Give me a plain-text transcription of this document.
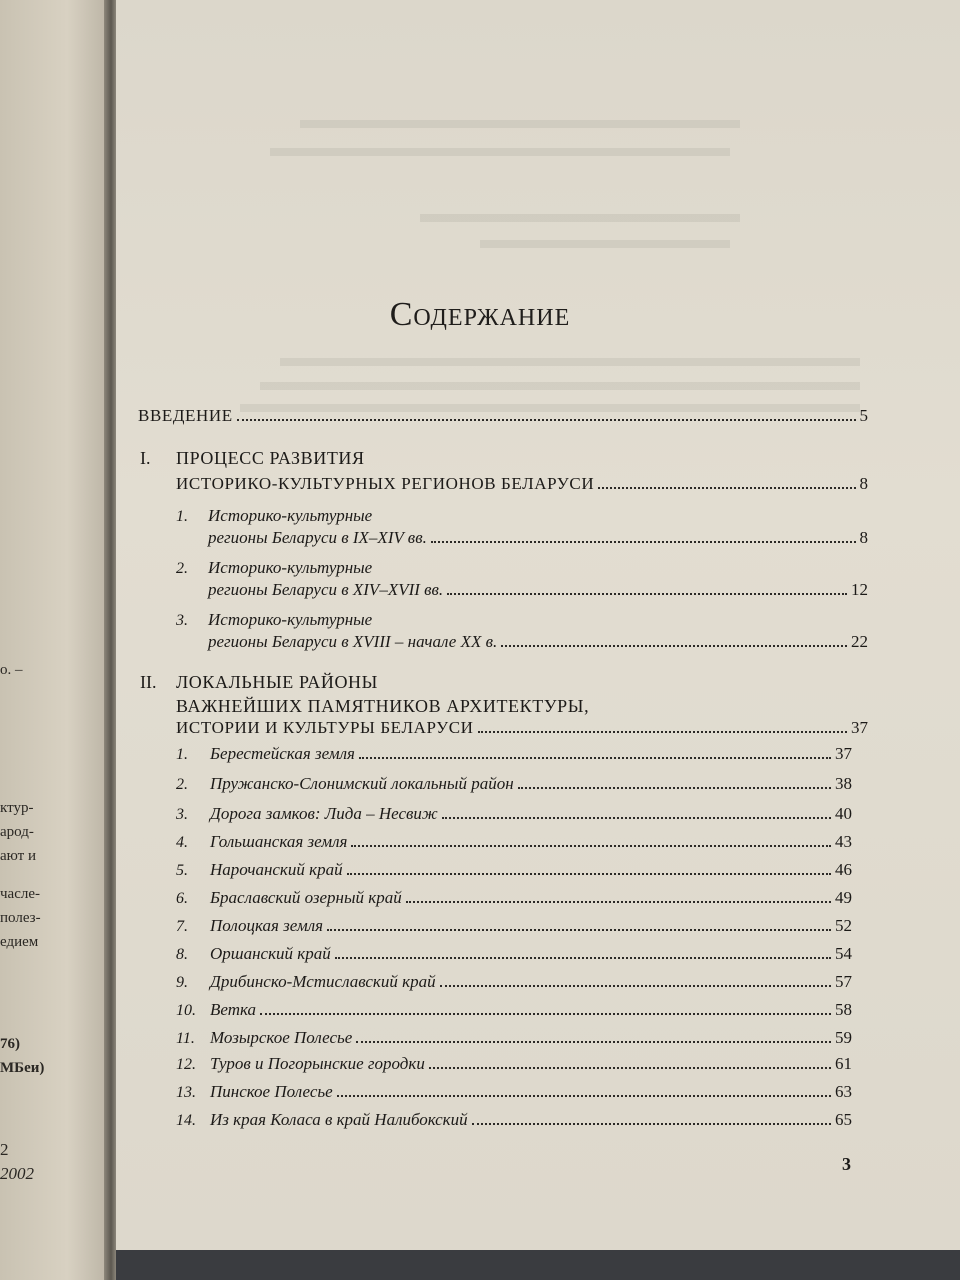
о. –
ктур-
арод-
ают и
часле-
полез-
едием
76)
МБеи)
2
2002
Содержание
ВВЕДЕНИЕ	5
I. ПРОЦЕСС РАЗВИТИЯ
ИСТОРИКО-КУЛЬТУРНЫХ РЕГИОНОВ БЕЛАРУСИ	8
1. Историко-культурные
регионы Беларуси в IX–XIV вв.	8
2. Историко-культурные
регионы Беларуси в XIV–XVII вв.	12
3. Историко-культурные
регионы Беларуси в XVIII – начале XX в.	22
II. ЛОКАЛЬНЫЕ РАЙОНЫ
ВАЖНЕЙШИХ ПАМЯТНИКОВ АРХИТЕКТУРЫ,
ИСТОРИИ И КУЛЬТУРЫ БЕЛАРУСИ	37
1.	Берестейская земля	37
2.	Пружанско-Слонимский локальный район	38
3.	Дорога замков: Лида – Несвиж	40
4.	Гольшанская земля	43
5.	Нарочанский край	46
6.	Браславский озерный край	49
7.	Полоцкая земля	52
8.	Оршанский край	54
9.	Дрибинско-Мстиславский край	57
10. Ветка	58
11. Мозырское Полесье	59
12. Туров и Погорынские городки	61
13. Пинское Полесье	63
14. Из края Коласа в край Налибокский	65
3
